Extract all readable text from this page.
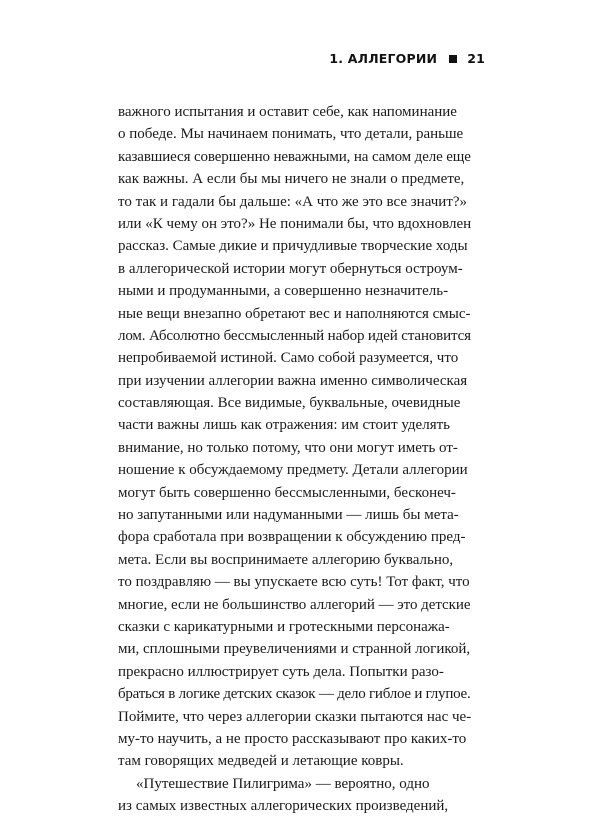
1. АЛЛЕГОРИИ 21
важного испытания и оставит себе, как напоминание
о победе. Мы начинаем понимать, что детали, раньше
казавшиеся совершенно неважными, на самом деле еще
как важны. А если бы мы ничего не знали о предмете,
то так и гадали бы дальше: «А что же это все значит?»
или «К чему он это?» Не понимали бы, что вдохновлен
рассказ. Самые дикие и причудливые творческие ходы
в аллегорической истории могут обернуться остроум-
ными и продуманными, а совершенно незначитель-
ные вещи внезапно обретают вес и наполняются смыс-
лом. Абсолютно бессмысленный набор идей становится
непробиваемой истиной. Само собой разумеется, что
при изучении аллегории важна именно символическая
составляющая. Все видимые, буквальные, очевидные
части важны лишь как отражения: им стоит уделять
внимание, но только потому, что они могут иметь от-
ношение к обсуждаемому предмету. Детали аллегории
могут быть совершенно бессмысленными, бесконеч-
но запутанными или надуманными — лишь бы мета-
фора сработала при возвращении к обсуждению пред-
мета. Если вы воспринимаете аллегорию буквально,
то поздравляю — вы упускаете всю суть! Тот факт, что
многие, если не большинство аллегорий — это детские
сказки с карикатурными и гротескными персонажа-
ми, сплошными преувеличениями и странной логикой,
прекрасно иллюстрирует суть дела. Попытки разо-
браться в логике детских сказок — дело гиблое и глупое.
Поймите, что через аллегории сказки пытаются нас че-
му-то научить, а не просто рассказывают про каких-то
там говорящих медведей и летающие ковры.
«Путешествие Пилигрима» — вероятно, одно
из самых известных аллегорических произведений,
